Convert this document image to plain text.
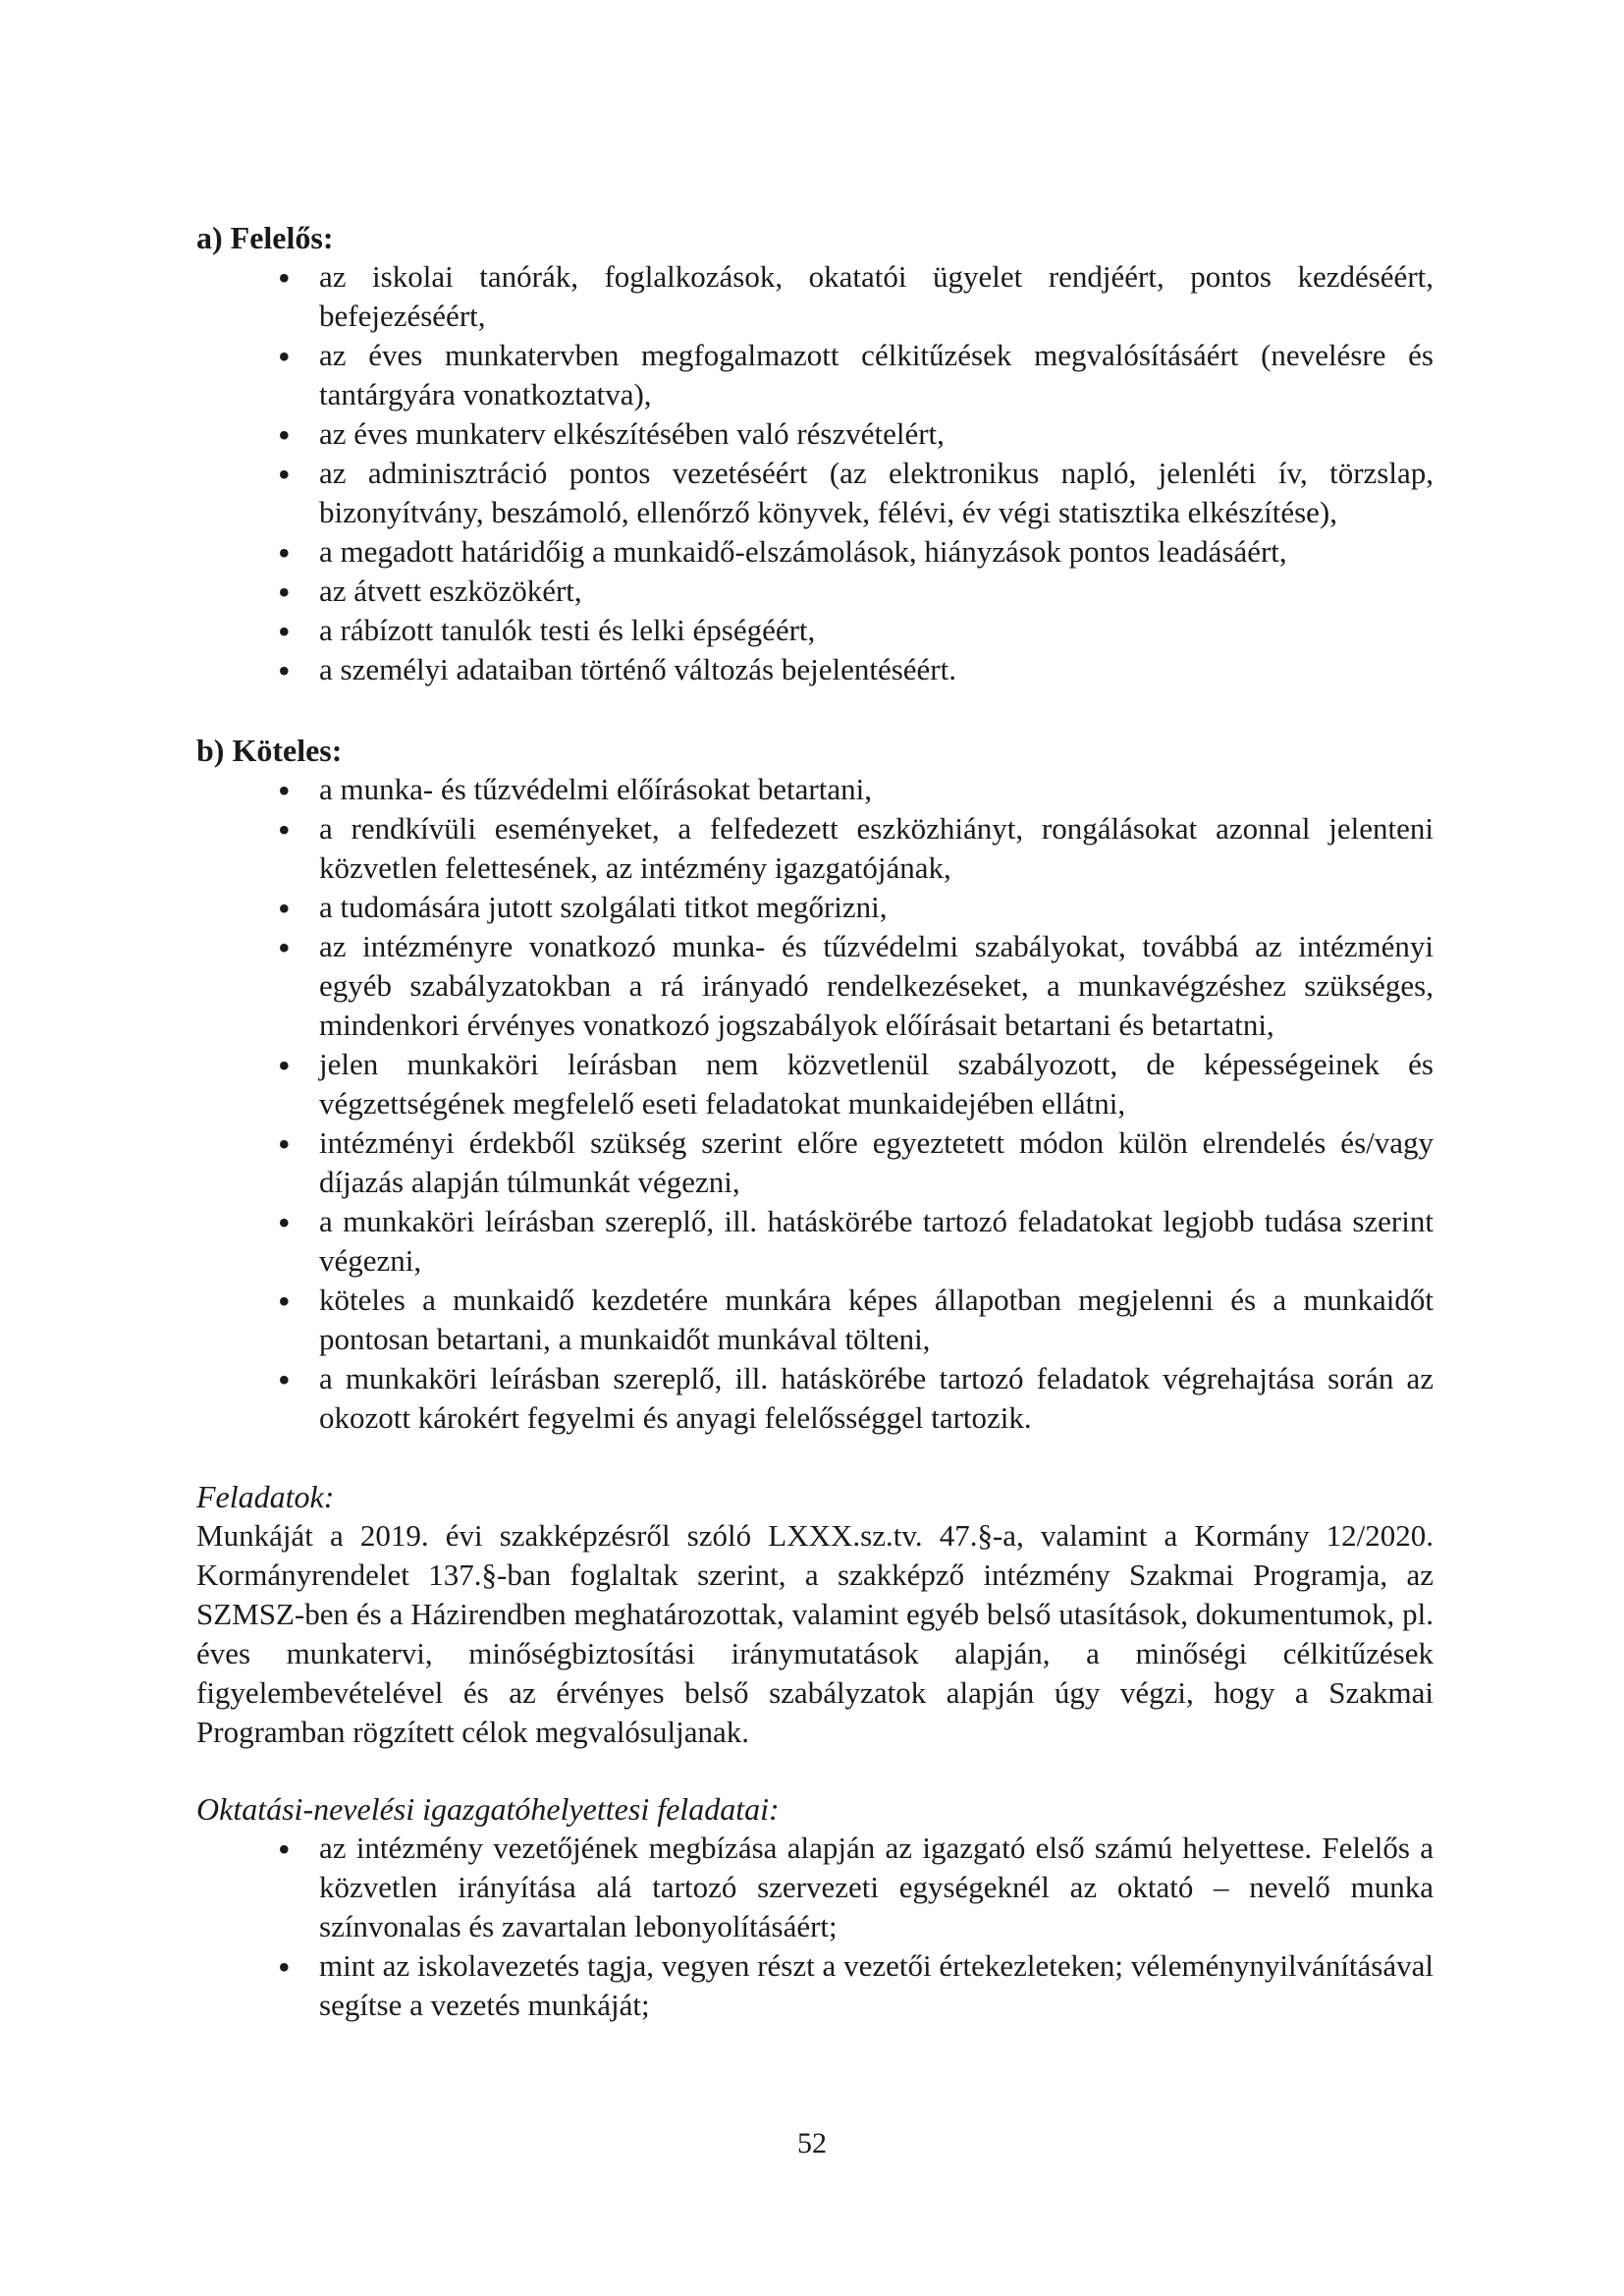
a) Felelős:
• az iskolai tanórák, foglalkozások, okatatói ügyelet rendjéért, pontos kezdéséért, befejezéséért,
• az éves munkatervben megfogalmazott célkitűzések megvalósításáért (nevelésre és tantárgyára vonatkoztatva),
• az éves munkaterv elkészítésében való részvételért,
• az adminisztráció pontos vezetéséért (az elektronikus napló, jelenléti ív, törzslap, bizonyítvány, beszámoló, ellenőrző könyvek, félévi, év végi statisztika elkészítése),
• a megadott határidőig a munkaidő-elszámolások, hiányzások pontos leadásáért,
• az átvett eszközökért,
• a rábízott tanulók testi és lelki épségéért,
• a személyi adataiban történő változás bejelentéséért.
b) Köteles:
• a munka- és tűzvédelmi előírásokat betartani,
• a rendkívüli eseményeket, a felfedezett eszközhiányt, rongálásokat azonnal jelenteni közvetlen felettesének, az intézmény igazgatójának,
• a tudomására jutott szolgálati titkot megőrizni,
• az intézményre vonatkozó munka- és tűzvédelmi szabályokat, továbbá az intézményi egyéb szabályzatokban a rá irányadó rendelkezéseket, a munkavégzéshez szükséges, mindenkori érvényes vonatkozó jogszabályok előírásait betartani és betartatni,
• jelen munkaköri leírásban nem közvetlenül szabályozott, de képességeinek és végzettségének megfelelő eseti feladatokat munkaidejében ellátni,
• intézményi érdekből szükség szerint előre egyeztetett módon külön elrendelés és/vagy díjazás alapján túlmunkát végezni,
• a munkaköri leírásban szereplő, ill. hatáskörébe tartozó feladatokat legjobb tudása szerint végezni,
• köteles a munkaidő kezdetére munkára képes állapotban megjelenni és a munkaidőt pontosan betartani, a munkaidőt munkával tölteni,
• a munkaköri leírásban szereplő, ill. hatáskörébe tartozó feladatok végrehajtása során az okozott károkért fegyelmi és anyagi felelősséggel tartozik.
Feladatok:
Munkáját a 2019. évi szakképzésről szóló LXXX.sz.tv. 47.§-a, valamint a Kormány 12/2020. Kormányrendelet 137.§-ban foglaltak szerint, a szakképző intézmény Szakmai Programja, az SZMSZ-ben és a Házirendben meghatározottak, valamint egyéb belső utasítások, dokumentumok, pl. éves munkatervi, minőségbiztosítási iránymutatások alapján, a minőségi célkitűzések figyelembevételével és az érvényes belső szabályzatok alapján úgy végzi, hogy a Szakmai Programban rögzített célok megvalósuljanak.
Oktatási-nevelési igazgatóhelyettesi feladatai:
• az intézmény vezetőjének megbízása alapján az igazgató első számú helyettese. Felelős a közvetlen irányítása alá tartozó szervezeti egységeknél az oktató – nevelő munka színvonalas és zavartalan lebonyolításáért;
• mint az iskolavezetés tagja, vegyen részt a vezetői értekezleteken; véleménynyilvánításával segítse a vezetés munkáját;
52
